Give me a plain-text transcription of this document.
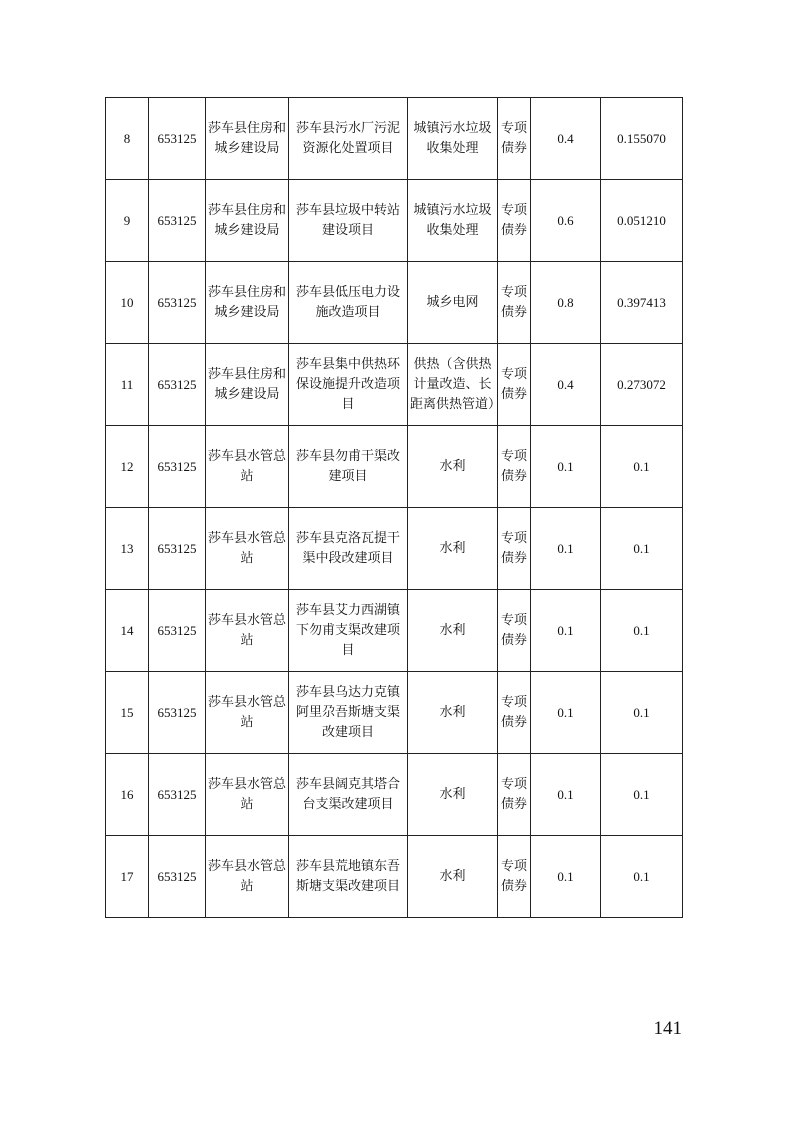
8	653125	莎车县住房和城乡建设局	莎车县污水厂污泥资源化处置项目	城镇污水垃圾收集处理	专项债券	0.4	0.155070
9	653125	莎车县住房和城乡建设局	莎车县垃圾中转站建设项目	城镇污水垃圾收集处理	专项债券	0.6	0.051210
10	653125	莎车县住房和城乡建设局	莎车县低压电力设施改造项目	城乡电网	专项债券	0.8	0.397413
11	653125	莎车县住房和城乡建设局	莎车县集中供热环保设施提升改造项目	供热（含供热计量改造、长距离供热管道）	专项债券	0.4	0.273072
12	653125	莎车县水管总站	莎车县勿甫干渠改建项目	水利	专项债券	0.1	0.1
13	653125	莎车县水管总站	莎车县克洛瓦提干渠中段改建项目	水利	专项债券	0.1	0.1
14	653125	莎车县水管总站	莎车县艾力西湖镇下勿甫支渠改建项目	水利	专项债券	0.1	0.1
15	653125	莎车县水管总站	莎车县乌达力克镇阿里尕吾斯塘支渠改建项目	水利	专项债券	0.1	0.1
16	653125	莎车县水管总站	莎车县阔克其塔合台支渠改建项目	水利	专项债券	0.1	0.1
17	653125	莎车县水管总站	莎车县荒地镇东吾斯塘支渠改建项目	水利	专项债券	0.1	0.1
141
